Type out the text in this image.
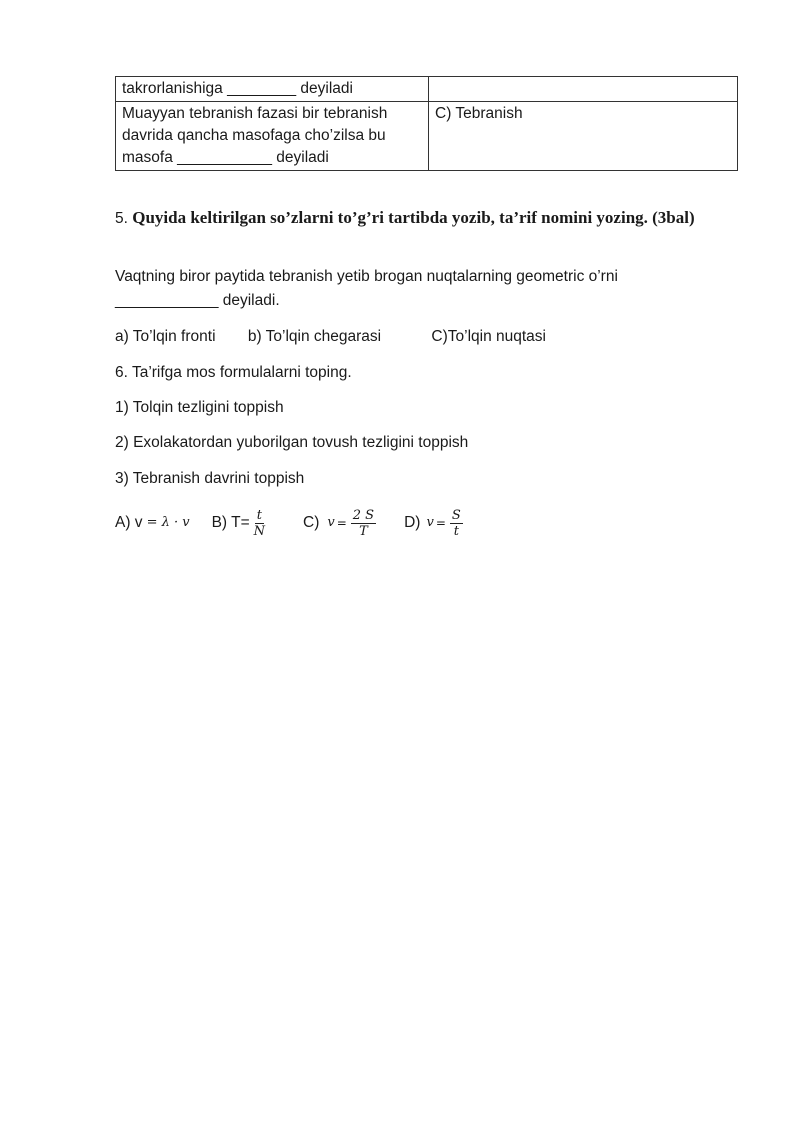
takrorlanishiga ________ deyiladi	
Muayyan tebranish fazasi bir tebranish davrida qancha masofaga cho’zilsa bu masofa ___________ deyiladi	C) Tebranish
5. Quyida keltirilgan so’zlarni to’g’ri tartibda yozib, ta’rif nomini yozing. (3bal)
Vaqtning biror paytida tebranish yetib brogan nuqtalarning geometric o’rni
____________ deyiladi.
a) To’lqin fronti b) To’lqin chegarasi	C)To’lqin nuqtasi
6. Ta’rifga mos formulalarni toping.
1) Tolqin tezligini toppish
2) Exolakatordan yuborilgan tovush tezligini toppish
3) Tebranish davrini toppish
A) v = λ · v B) $T= \frac{t}{N} C$) $v = \frac{2 S}{T} D$) $v = \frac{S}{t}$
